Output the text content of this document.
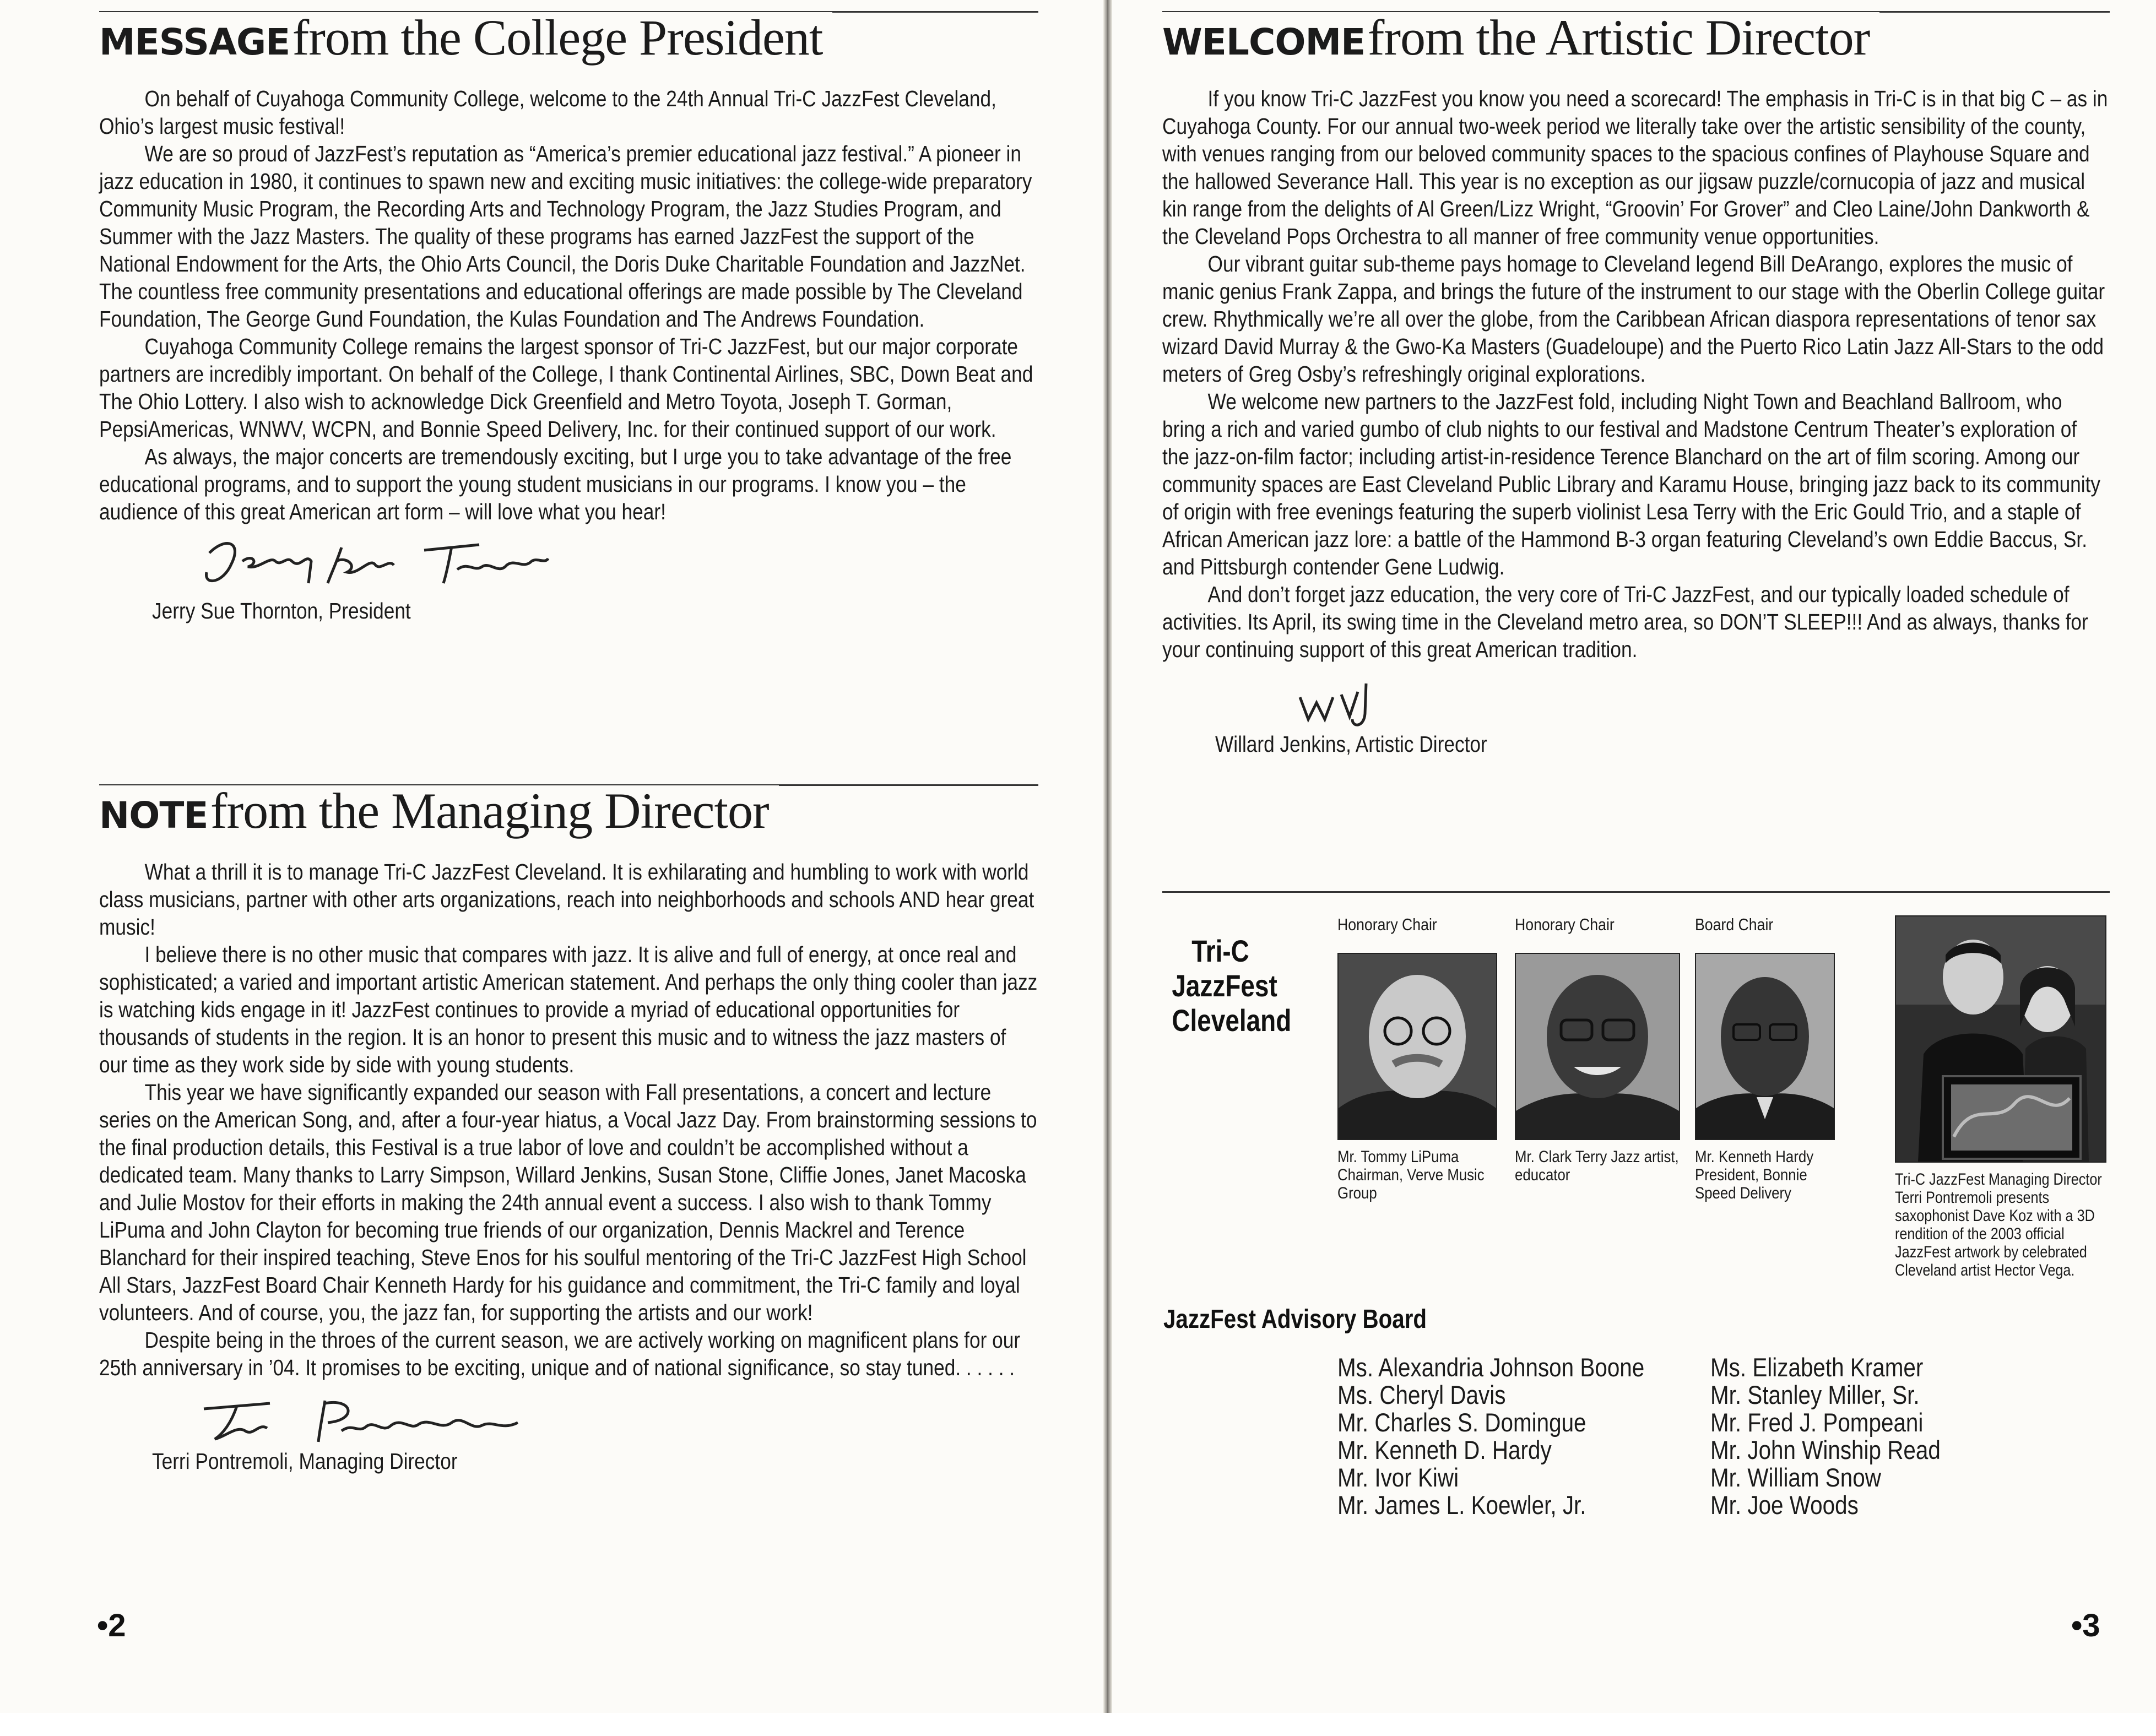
MESSAGE from the College President

On behalf of Cuyahoga Community College, welcome to the 24th Annual Tri-C JazzFest Cleveland, Ohio’s largest music festival!

We are so proud of JazzFest’s reputation as “America’s premier educational jazz festival.” A pioneer in jazz education in 1980, it continues to spawn new and exciting music initiatives: the college-wide preparatory Community Music Program, the Recording Arts and Technology Program, the Jazz Studies Program, and Summer with the Jazz Masters. The quality of these programs has earned JazzFest the support of the National Endowment for the Arts, the Ohio Arts Council, the Doris Duke Charitable Foundation and JazzNet. The countless free community presentations and educational offerings are made possible by The Cleveland Foundation, The George Gund Foundation, the Kulas Foundation and The Andrews Foundation.

Cuyahoga Community College remains the largest sponsor of Tri-C JazzFest, but our major corporate partners are incredibly important. On behalf of the College, I thank Continental Airlines, SBC, Down Beat and The Ohio Lottery. I also wish to acknowledge Dick Greenfield and Metro Toyota, Joseph T. Gorman, PepsiAmericas, WNWV, WCPN, and Bonnie Speed Delivery, Inc. for their continued support of our work.

As always, the major concerts are tremendously exciting, but I urge you to take advantage of the free educational programs, and to support the young student musicians in our programs. I know you – the audience of this great American art form – will love what you hear!

Jerry Sue Thornton, President
NOTE from the Managing Director

What a thrill it is to manage Tri-C JazzFest Cleveland. It is exhilarating and humbling to work with world class musicians, partner with other arts organizations, reach into neighborhoods and schools AND hear great music!

I believe there is no other music that compares with jazz. It is alive and full of energy, at once real and sophisticated; a varied and important artistic American statement. And perhaps the only thing cooler than jazz is watching kids engage in it! JazzFest continues to provide a myriad of educational opportunities for thousands of students in the region. It is an honor to present this music and to witness the jazz masters of our time as they work side by side with young students.

This year we have significantly expanded our season with Fall presentations, a concert and lecture series on the American Song, and, after a four-year hiatus, a Vocal Jazz Day. From brainstorming sessions to the final production details, this Festival is a true labor of love and couldn’t be accomplished without a dedicated team. Many thanks to Larry Simpson, Willard Jenkins, Susan Stone, Cliffie Jones, Janet Macoska and Julie Mostov for their efforts in making the 24th annual event a success. I also wish to thank Tommy LiPuma and John Clayton for becoming true friends of our organization, Dennis Mackrel and Terence Blanchard for their inspired teaching, Steve Enos for his soulful mentoring of the Tri-C JazzFest High School All Stars, JazzFest Board Chair Kenneth Hardy for his guidance and commitment, the Tri-C family and loyal volunteers. And of course, you, the jazz fan, for supporting the artists and our work!

Despite being in the throes of the current season, we are actively working on magnificent plans for our 25th anniversary in ’04. It promises to be exciting, unique and of national significance, so stay tuned. . . . . .

Terri Pontremoli, Managing Director
•2
WELCOME from the Artistic Director

If you know Tri-C JazzFest you know you need a scorecard! The emphasis in Tri-C is in that big C – as in Cuyahoga County. For our annual two-week period we literally take over the artistic sensibility of the county, with venues ranging from our beloved community spaces to the spacious confines of Playhouse Square and the hallowed Severance Hall. This year is no exception as our jigsaw puzzle/cornucopia of jazz and musical kin range from the delights of Al Green/Lizz Wright, “Groovin’ For Grover” and Cleo Laine/John Dankworth & the Cleveland Pops Orchestra to all manner of free community venue opportunities.

Our vibrant guitar sub-theme pays homage to Cleveland legend Bill DeArango, explores the music of manic genius Frank Zappa, and brings the future of the instrument to our stage with the Oberlin College guitar crew. Rhythmically we’re all over the globe, from the Caribbean African diaspora representations of tenor sax wizard David Murray & the Gwo-Ka Masters (Guadeloupe) and the Puerto Rico Latin Jazz All-Stars to the odd meters of Greg Osby’s refreshingly original explorations.

We welcome new partners to the JazzFest fold, including Night Town and Beachland Ballroom, who bring a rich and varied gumbo of club nights to our festival and Madstone Centrum Theater’s exploration of the jazz-on-film factor; including artist-in-residence Terence Blanchard on the art of film scoring. Among our community spaces are East Cleveland Public Library and Karamu House, bringing jazz back to its community of origin with free evenings featuring the superb violinist Lesa Terry with the Eric Gould Trio, and a staple of African American jazz lore: a battle of the Hammond B-3 organ featuring Cleveland’s own Eddie Baccus, Sr. and Pittsburgh contender Gene Ludwig.

And don’t forget jazz education, the very core of Tri-C JazzFest, and our typically loaded schedule of activities. Its April, its swing time in the Cleveland metro area, so DON’T SLEEP!!! And as always, thanks for your continuing support of this great American tradition.

Willard Jenkins, Artistic Director
Tri-C JazzFest Cleveland
Honorary Chair
Mr. Tommy LiPuma Chairman, Verve Music Group
Honorary Chair
Mr. Clark Terry Jazz artist, educator
Board Chair
Mr. Kenneth Hardy President, Bonnie Speed Delivery
Tri-C JazzFest Managing Director Terri Pontremoli presents saxophonist Dave Koz with a 3D rendition of the 2003 official JazzFest artwork by celebrated Cleveland artist Hector Vega.
JazzFest Advisory Board
Ms. Alexandria Johnson Boone
Ms. Cheryl Davis
Mr. Charles S. Domingue
Mr. Kenneth D. Hardy
Mr. Ivor Kiwi
Mr. James L. Koewler, Jr.
Ms. Elizabeth Kramer
Mr. Stanley Miller, Sr.
Mr. Fred J. Pompeani
Mr. John Winship Read
Mr. William Snow
Mr. Joe Woods
•3
